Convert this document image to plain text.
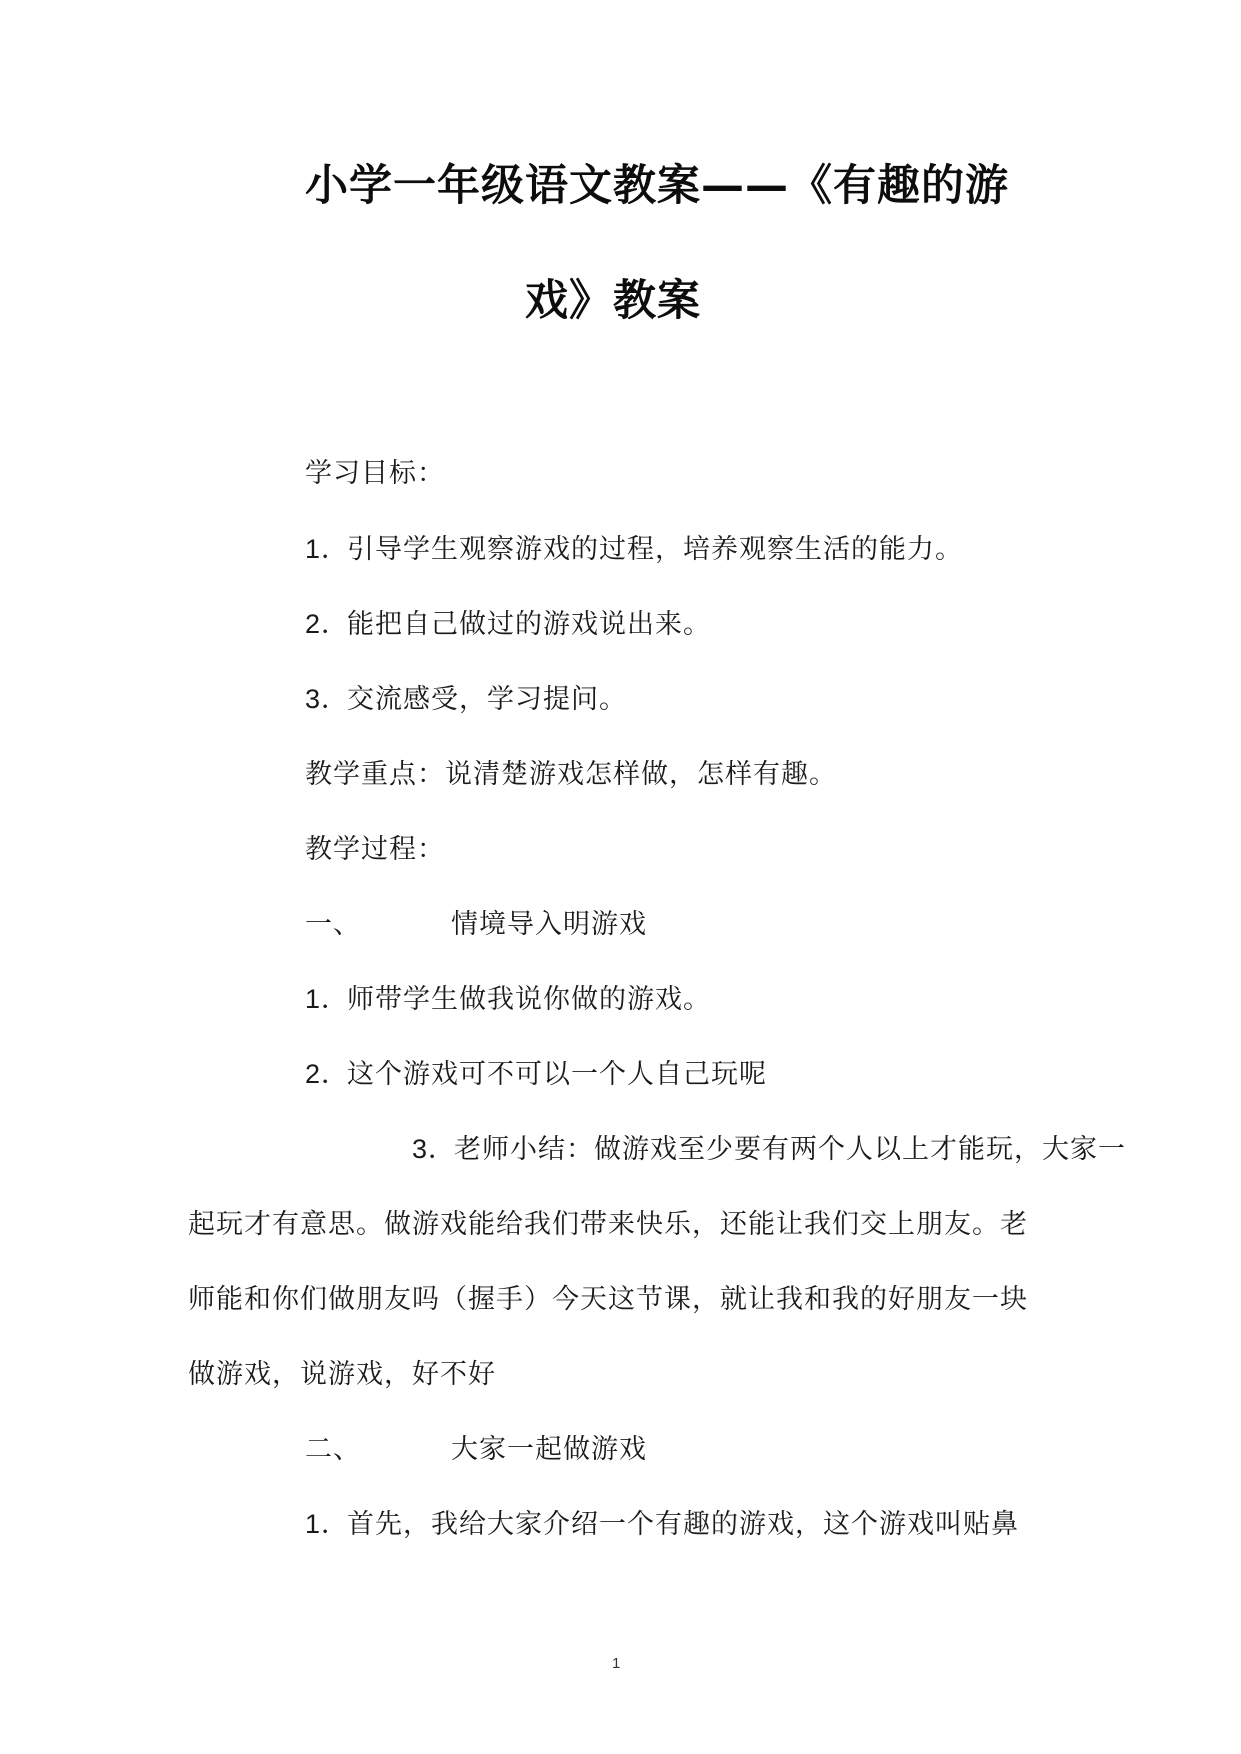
小学一年级语文教案——《有趣的游
戏》教案
学习目标：
1．引导学生观察游戏的过程，培养观察生活的能力。
2．能把自己做过的游戏说出来。
3．交流感受，学习提问。
教学重点：说清楚游戏怎样做，怎样有趣。
教学过程：
一、	情境导入明游戏
1．师带学生做我说你做的游戏。
2．这个游戏可不可以一个人自己玩呢
3．老师小结：做游戏至少要有两个人以上才能玩，大家一
起玩才有意思。做游戏能给我们带来快乐，还能让我们交上朋友。老
师能和你们做朋友吗（握手）今天这节课，就让我和我的好朋友一块
做游戏，说游戏，好不好
二、	大家一起做游戏
1．首先，我给大家介绍一个有趣的游戏，这个游戏叫贴鼻
1
